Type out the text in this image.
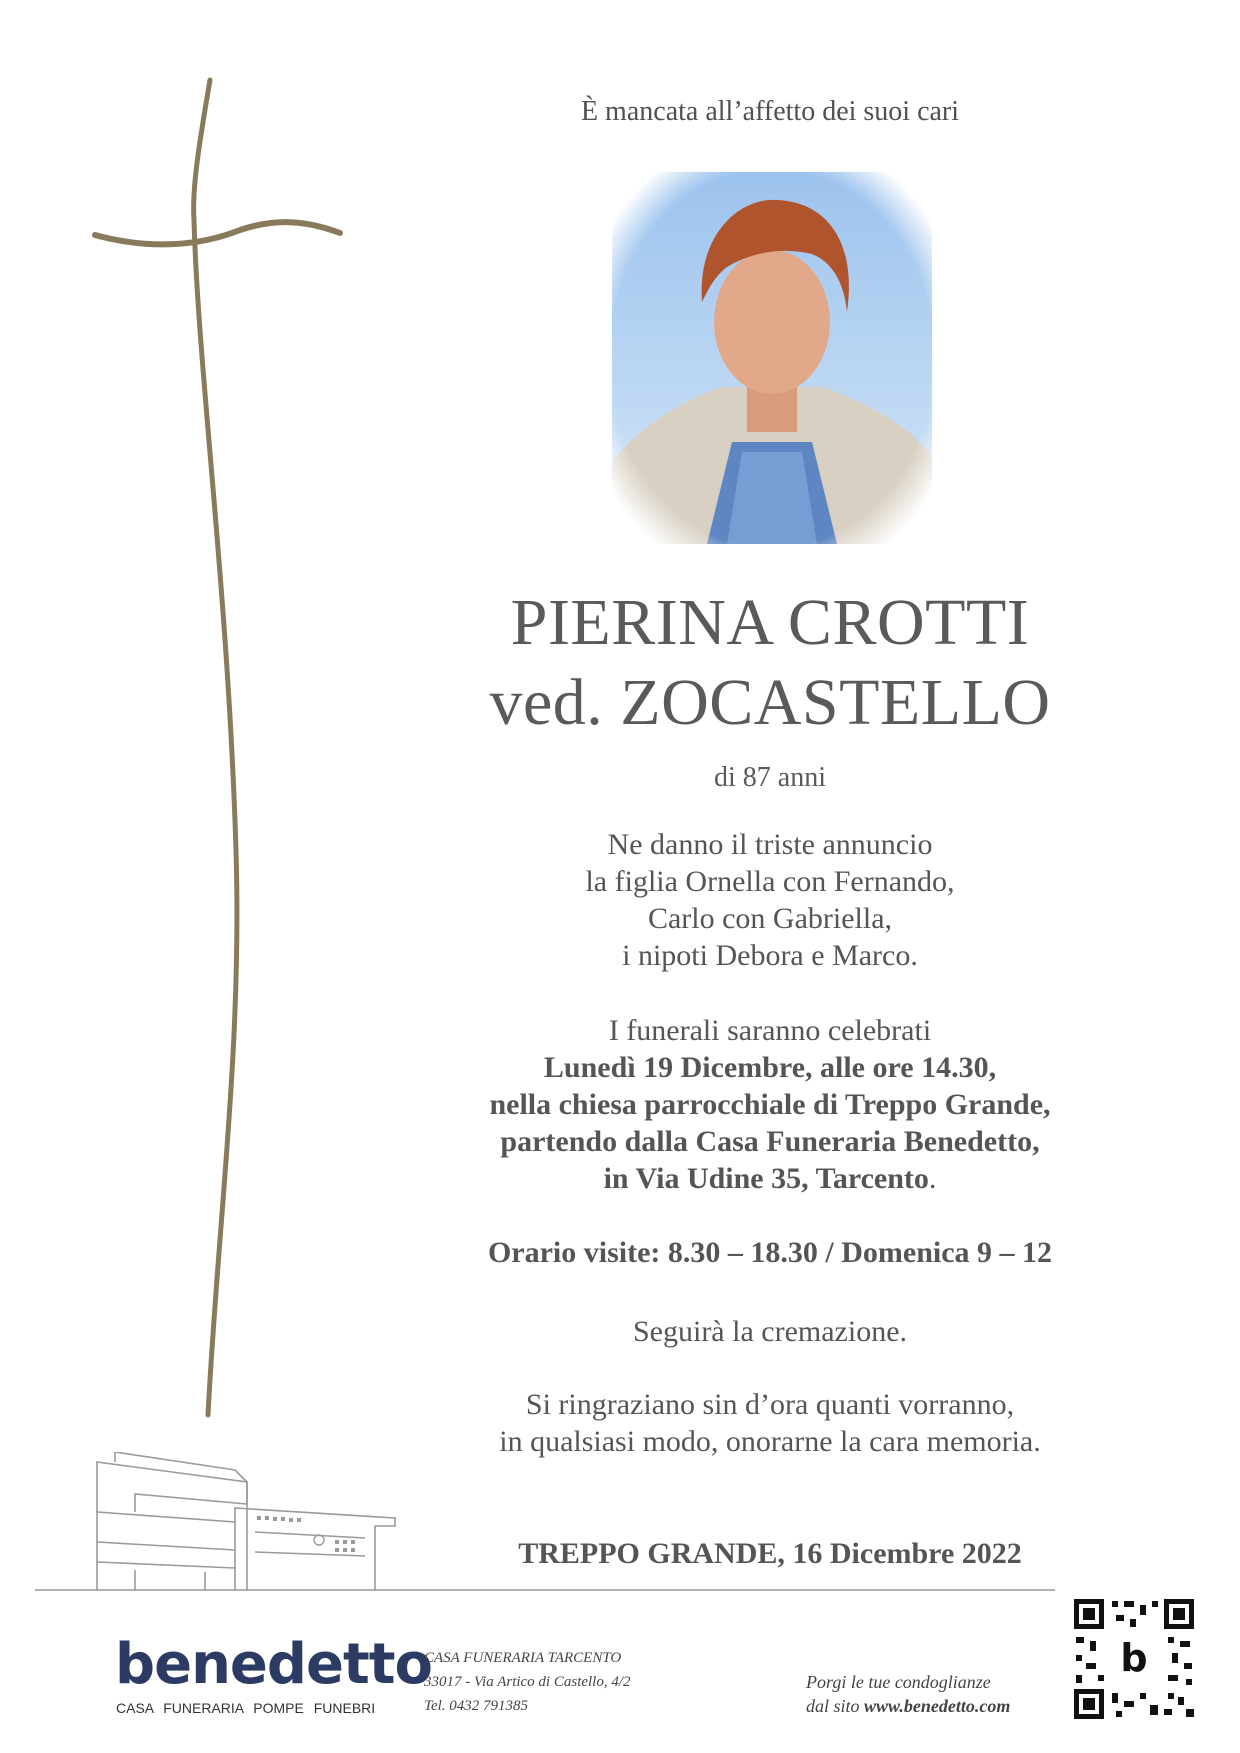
È mancata all’affetto dei suoi cari
PIERINA CROTTI
ved. ZOCASTELLO
di 87 anni
Ne danno il triste annuncio
la figlia Ornella con Fernando,
Carlo con Gabriella,
i nipoti Debora e Marco.
I funerali saranno celebrati
Lunedì 19 Dicembre, alle ore 14.30,
nella chiesa parrocchiale di Treppo Grande,
partendo dalla Casa Funeraria Benedetto,
in Via Udine 35, Tarcento.
Orario visite: 8.30 – 18.30 / Domenica 9 – 12
Seguirà la cremazione.
Si ringraziano sin d’ora quanti vorranno,
in qualsiasi modo, onorarne la cara memoria.
TREPPO GRANDE, 16 Dicembre 2022
benedetto
CASA FUNERARIA POMPE FUNEBRI
CASA FUNERARIA TARCENTO
33017 - Via Artico di Castello, 4/2
Tel. 0432 791385
Porgi le tue condoglianze
dal sito www.benedetto.com
b
